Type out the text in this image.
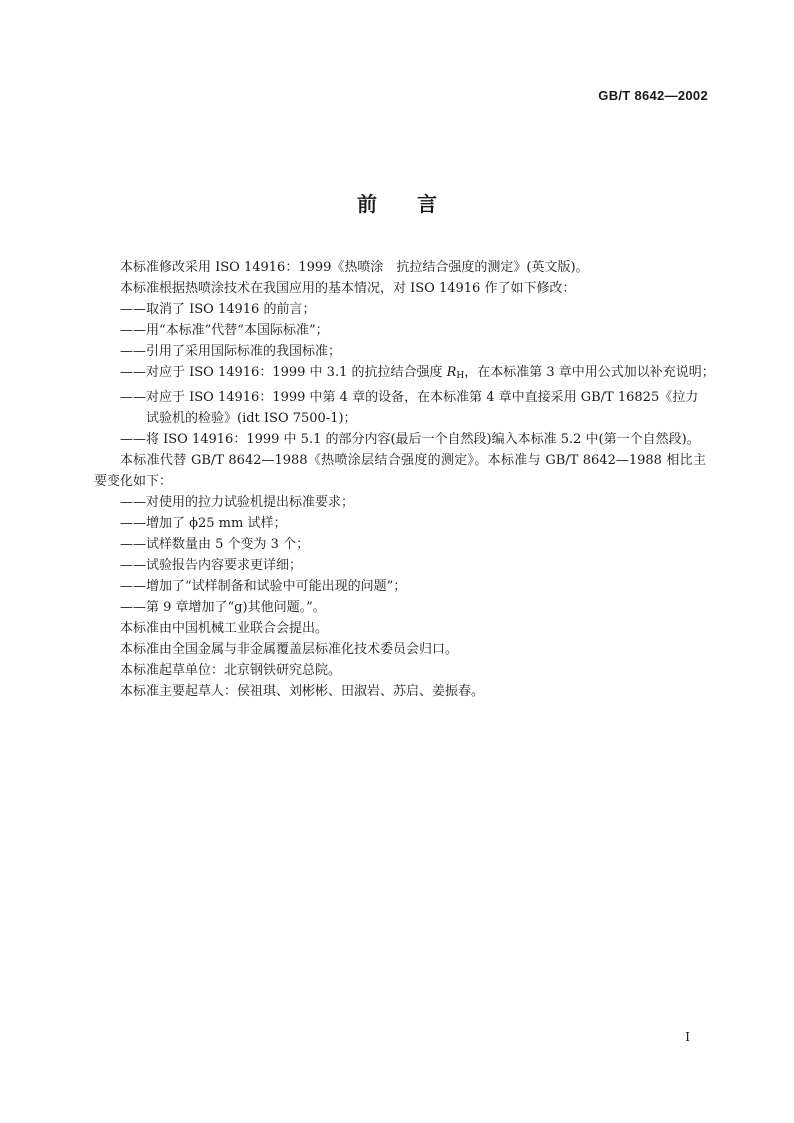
GB/T 8642—2002
前言

本标准修改采用 ISO 14916：1999《热喷涂　抗拉结合强度的测定》(英文版)。

本标准根据热喷涂技术在我国应用的基本情况，对 ISO 14916 作了如下修改：

——取消了 ISO 14916 的前言；

——用“本标准”代替“本国际标准”；

——引用了采用国际标准的我国标准；

——对应于 ISO 14916：1999 中 3.1 的抗拉结合强度 $R_H$，在本标准第 3 章中用公式加以补充说明；

——对应于 ISO 14916：1999 中第 4 章的设备，在本标准第 4 章中直接采用 GB/T 16825《拉力试验机的检验》(idt ISO 7500-1)；

——将 ISO 14916：1999 中 5.1 的部分内容(最后一个自然段)编入本标准 5.2 中(第一个自然段)。

本标准代替 GB/T 8642—1988《热喷涂层结合强度的测定》。本标准与 GB/T 8642—1988 相比主要变化如下：

——对使用的拉力试验机提出标准要求；

——增加了 ϕ25 mm 试样；

——试样数量由 5 个变为 3 个；

——试验报告内容要求更详细；

——增加了“试样制备和试验中可能出现的问题”；

——第 9 章增加了“g)其他问题。”。

本标准由中国机械工业联合会提出。

本标准由全国金属与非金属覆盖层标准化技术委员会归口。

本标准起草单位：北京钢铁研究总院。

本标准主要起草人：侯祖琪、刘彬彬、田淑岩、苏启、姜振春。

I
